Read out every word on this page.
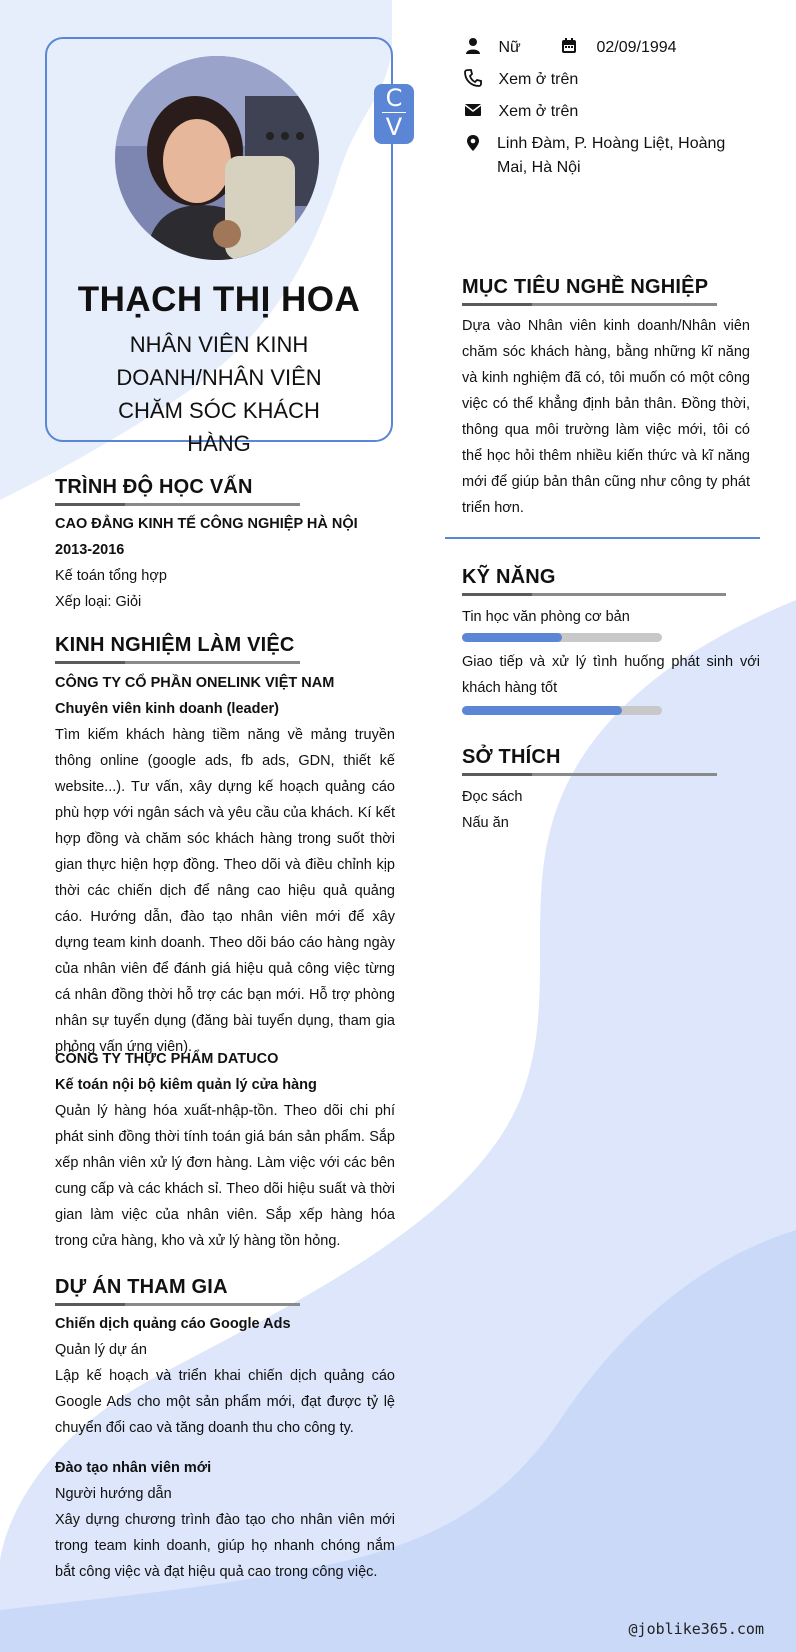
C
V
THẠCH THỊ HOA
NHÂN VIÊN KINH DOANH/NHÂN VIÊN CHĂM SÓC KHÁCH HÀNG
Nữ	02/09/1994
Xem ở trên
Xem ở trên
Linh Đàm, P. Hoàng Liệt, Hoàng Mai, Hà Nội
MỤC TIÊU NGHỀ NGHIỆP
Dựa vào Nhân viên kinh doanh/Nhân viên chăm sóc khách hàng, bằng những kĩ năng và kinh nghiệm đã có, tôi muốn có một công việc có thể khẳng định bản thân. Đồng thời, thông qua môi trường làm việc mới, tôi có thể học hỏi thêm nhiều kiến thức và kĩ năng mới để giúp bản thân cũng như công ty phát triển hơn.
KỸ NĂNG
Tin học văn phòng cơ bản
Giao tiếp và xử lý tình huống phát sinh với khách hàng tốt
SỞ THÍCH
Đọc sách
Nấu ăn
TRÌNH ĐỘ HỌC VẤN
CAO ĐẲNG KINH TẾ CÔNG NGHIỆP HÀ NỘI
2013-2016
Kế toán tổng hợp
Xếp loại: Giỏi
KINH NGHIỆM LÀM VIỆC
CÔNG TY CỔ PHẦN ONELINK VIỆT NAM
Chuyên viên kinh doanh (leader)
Tìm kiếm khách hàng tiềm năng về mảng truyền thông online (google ads, fb ads, GDN, thiết kế website...). Tư vấn, xây dựng kế hoạch quảng cáo phù hợp với ngân sách và yêu cầu của khách. Kí kết hợp đồng và chăm sóc khách hàng trong suốt thời gian thực hiện hợp đồng. Theo dõi và điều chỉnh kịp thời các chiến dịch để nâng cao hiệu quả quảng cáo. Hướng dẫn, đào tạo nhân viên mới để xây dựng team kinh doanh. Theo dõi báo cáo hàng ngày của nhân viên để đánh giá hiệu quả công việc từng cá nhân đồng thời hỗ trợ các bạn mới. Hỗ trợ phòng nhân sự tuyển dụng (đăng bài tuyển dụng, tham gia phỏng vấn ứng viên).
CÔNG TY THỰC PHẨM DATUCO
Kế toán nội bộ kiêm quản lý cửa hàng
Quản lý hàng hóa xuất-nhập-tồn. Theo dõi chi phí phát sinh đồng thời tính toán giá bán sản phẩm. Sắp xếp nhân viên xử lý đơn hàng. Làm việc với các bên cung cấp và các khách sỉ. Theo dõi hiệu suất và thời gian làm việc của nhân viên. Sắp xếp hàng hóa trong cửa hàng, kho và xử lý hàng tồn hỏng.
DỰ ÁN THAM GIA
Chiến dịch quảng cáo Google Ads
Quản lý dự án
Lập kế hoạch và triển khai chiến dịch quảng cáo Google Ads cho một sản phẩm mới, đạt được tỷ lệ chuyển đổi cao và tăng doanh thu cho công ty.
Đào tạo nhân viên mới
Người hướng dẫn
Xây dựng chương trình đào tạo cho nhân viên mới trong team kinh doanh, giúp họ nhanh chóng nắm bắt công việc và đạt hiệu quả cao trong công việc.
@joblike365.com
